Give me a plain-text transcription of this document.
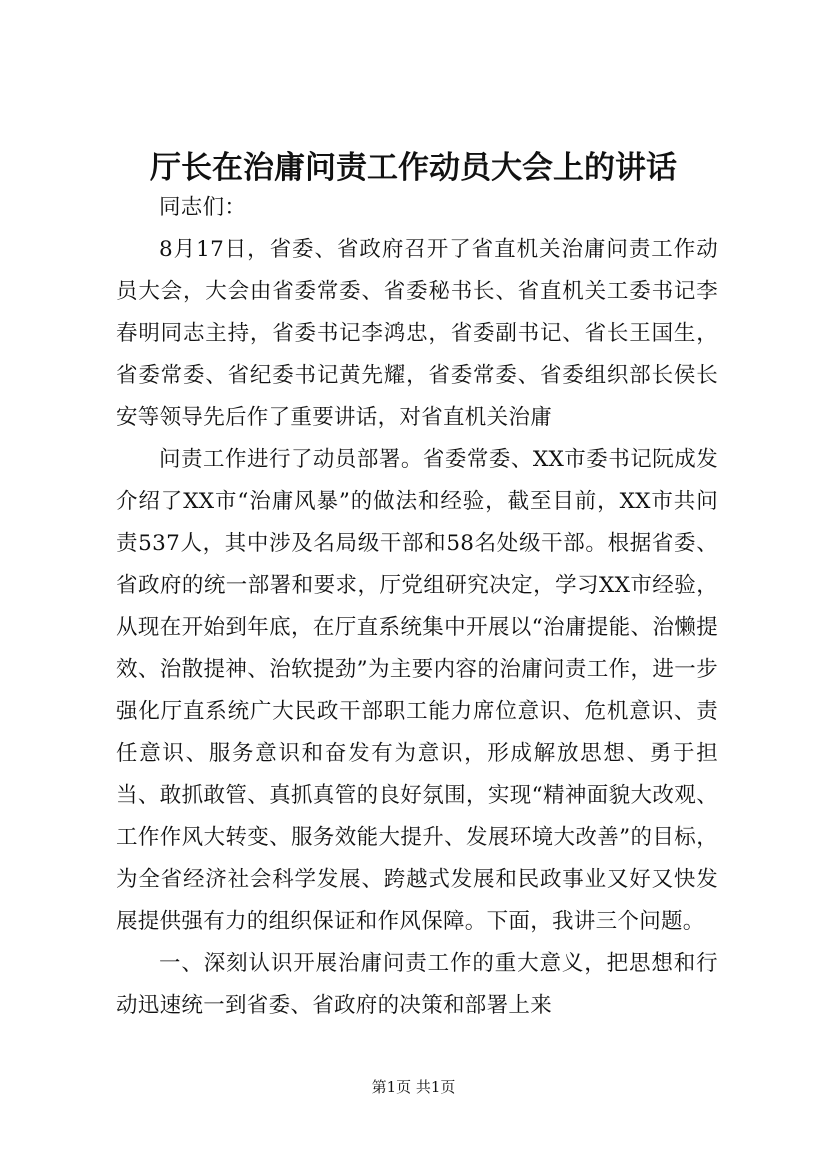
厅长在治庸问责工作动员大会上的讲话

同志们：

8月17日，省委、省政府召开了省直机关治庸问责工作动员大会，大会由省委常委、省委秘书长、省直机关工委书记李春明同志主持，省委书记李鸿忠，省委副书记、省长王国生，省委常委、省纪委书记黄先耀，省委常委、省委组织部长侯长安等领导先后作了重要讲话，对省直机关治庸

问责工作进行了动员部署。省委常委、XX市委书记阮成发介绍了XX市“治庸风暴”的做法和经验，截至目前，XX市共问责537人，其中涉及名局级干部和58名处级干部。根据省委、省政府的统一部署和要求，厅党组研究决定，学习XX市经验，从现在开始到年底，在厅直系统集中开展以“治庸提能、治懒提效、治散提神、治软提劲”为主要内容的治庸问责工作，进一步强化厅直系统广大民政干部职工能力席位意识、危机意识、责任意识、服务意识和奋发有为意识，形成解放思想、勇于担当、敢抓敢管、真抓真管的良好氛围，实现“精神面貌大改观、工作作风大转变、服务效能大提升、发展环境大改善”的目标，为全省经济社会科学发展、跨越式发展和民政事业又好又快发展提供强有力的组织保证和作风保障。下面，我讲三个问题。

一、深刻认识开展治庸问责工作的重大意义，把思想和行动迅速统一到省委、省政府的决策和部署上来

第1页 共1页
